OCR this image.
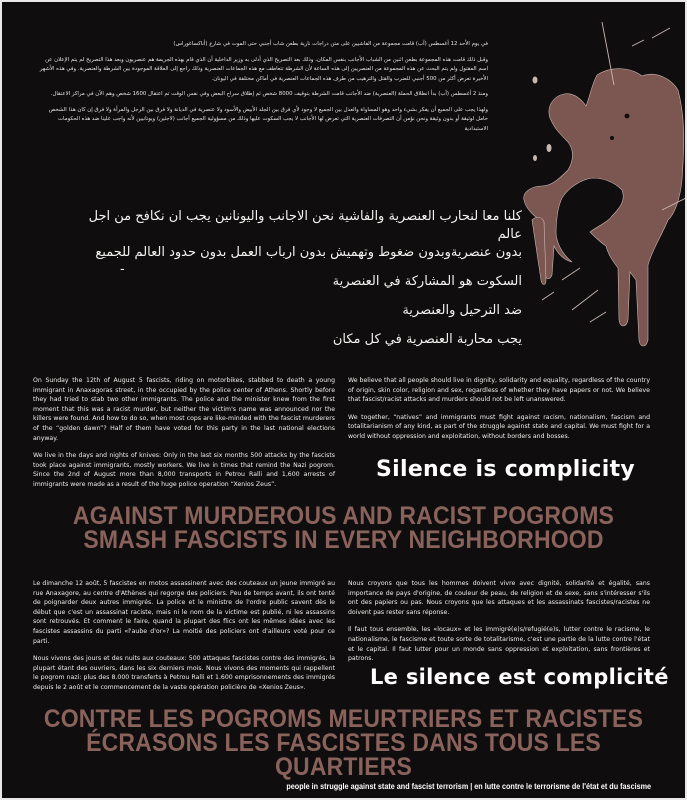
في يوم الأحد 12 أغسطس (آب) قامت مجموعة من الفاشيين على متن دراجات نارية بطعن شاب أجنبي حتى الموت في شارع (أناكساغوراس)

وقبل ذلك قامت هذه المجموعة بطعن اثنين من الشباب الأجانب بنفس المكان، وذلك بعد التصريح الذي أدلى به وزير الداخلية أن الذي قام بهذه الجريمة هم عنصريون وبعد هذا التصريح لم يتم الإعلان عن اسم المقتول ولم يتم البحث عن هذه المجموعة من العنصريين إلى هذه الساعة لأن الشرطة تتعاطف مع هذه الجماعات العنصرية وذلك راجع إلى العلاقة الموجودة بين الشرطة والعنصرية. وفي هذه الأشهر الأخيرة تعرض أكثر من 500 أجنبي للضرب والقتل والترهيب من طرف هذه الجماعات العنصرية في أماكن مختلفة في اليونان.

ومنذ 2 أغسطس (آب) بدأ انطلاق الحملة (العنصرية) ضد الأجانب قامت الشرطة بتوقيف 8000 شخص ثم إطلاق سراح البعض وفي نفس الوقت تم اعتقال 1600 شخص وهم الآن في مراكز الاعتقال.

ولهذا يجب على الجميع أن يفكر بشيء واحد وهو المساواة والعدل بين الجميع لا وجود لأي فرق بين الجلد الأبيض والأسود ولا عنصرية في الديانة ولا فرق بين الرجل والمرأة ولا فرق إن كان هذا الشخص حامل لوثيقة أو بدون وثيقة ونحن نؤمن أن التصرفات العنصرية التي تعرض لها الأجانب لا يجب السكوت عليها وذلك من مسؤولية الجميع أجانب (لاجئين) ويونانيين لأنه واجب علينا ضد هذه الحكومات الاستبدادية

كلنا معا لنحارب العنصرية والفاشية نحن الاجانب واليونانين يجب ان نكافح من اجل عالم

بدون عنصريةوبدون ضغوط وتهميش بدون ارباب العمل بدون حدود العالم للجميع

السكوت هو المشاركة في العنصرية

ضد الترحيل والعنصرية

يجب محاربة العنصرية في كل مكان

-

On Sunday the 12th of August 5 fascists, riding on motorbikes, stabbed to death a young immigrant in Anaxagoras street, in the occupied by the police center of Athens. Shortly before they had tried to stab two other immigrants. The police and the minister knew from the first moment that this was a racist murder, but neither the victim's name was announced nor the killers were found. And how to do so, when most cops are like-minded with the fascist murderers of the “golden dawn”? Half of them have voted for this party in the last national elections anyway.

We live in the days and nights of knives: Only in the last six months 500 attacks by the fascists took place against immigrants, mostly workers. We live in times that remind the Nazi pogrom. Since the 2nd of August more than 8,000 transports in Petrou Ralli and 1,600 arrests of immigrants were made as a result of the huge police operation “Xenios Zeus”.

We believe that all people should live in dignity, solidarity and equality, regardless of the country of origin, skin color, religion and sex, regardless of whether they have papers or not. We believe that fascist/racist attacks and murders should not be left unanswered.

We together, “natives” and immigrants must fight against racism, nationalism, fascism and totalitarianism of any kind, as part of the struggle against state and capital. We must fight for a world without oppression and exploitation, without borders and bosses.

Silence is complicity
AGAINST MURDEROUS AND RACIST POGROMS
SMASH FASCISTS IN EVERY NEIGHBORHOOD

Le dimanche 12 août, 5 fascistes en motos assassinent avec des couteaux un jeune immigré au rue Anaxagore, au centre d'Athènes qui regorge des policiers. Peu de temps avant, ils ont tenté de poignarder deux autres immigrés. La police et le ministre de l'ordre public savent dès le début que c'est un assassinat raciste, mais ni le nom de la victime est publié, ni les assassins sont retrouvés. Et comment le faire, quand la plupart des flics ont les mêmes idées avec les fascistes assassins du parti «l'aube d'or»? La moitié des policiers ont d'ailleurs voté pour ce parti.

Nous vivons des jours et des nuits aux couteaux: 500 attaques fascistes contre des immigrés, la plupart étant des ouvriers, dans les six derniers mois. Nous vivons des moments qui rappellent le pogrom nazi: plus des 8.000 transferts à Petrou Ralli et 1.600 emprisonnements des immigrés depuis le 2 août et le commencement de la vaste opération policière de «Xenios Zeus».

Nous croyons que tous les hommes doivent vivre avec dignité, solidarité et égalité, sans importance de pays d'origine, de couleur de peau, de religion et de sexe, sans s'intéresser s'ils ont des papiers ou pas. Nous croyons que les attaques et les assassinats fascistes/racistes ne doivent pas rester sans réponse.

Il faut tous ensemble, les «locaux» et les immigré(e)s/refugié(e)s, lutter contre le racisme, le nationalisme, le fascisme et toute sorte de totalitarisme, c'est une partie de la lutte contre l'état et le capital. Il faut lutter pour un monde sans oppression et exploitation, sans frontières et patrons.

Le silence est complicité
CONTRE LES POGROMS MEURTRIERS ET RACISTES
ÉCRASONS LES FASCISTES DANS TOUS LES QUARTIERS
people in struggle against state and fascist terrorism | en lutte contre le terrorisme de l'état et du fascisme
